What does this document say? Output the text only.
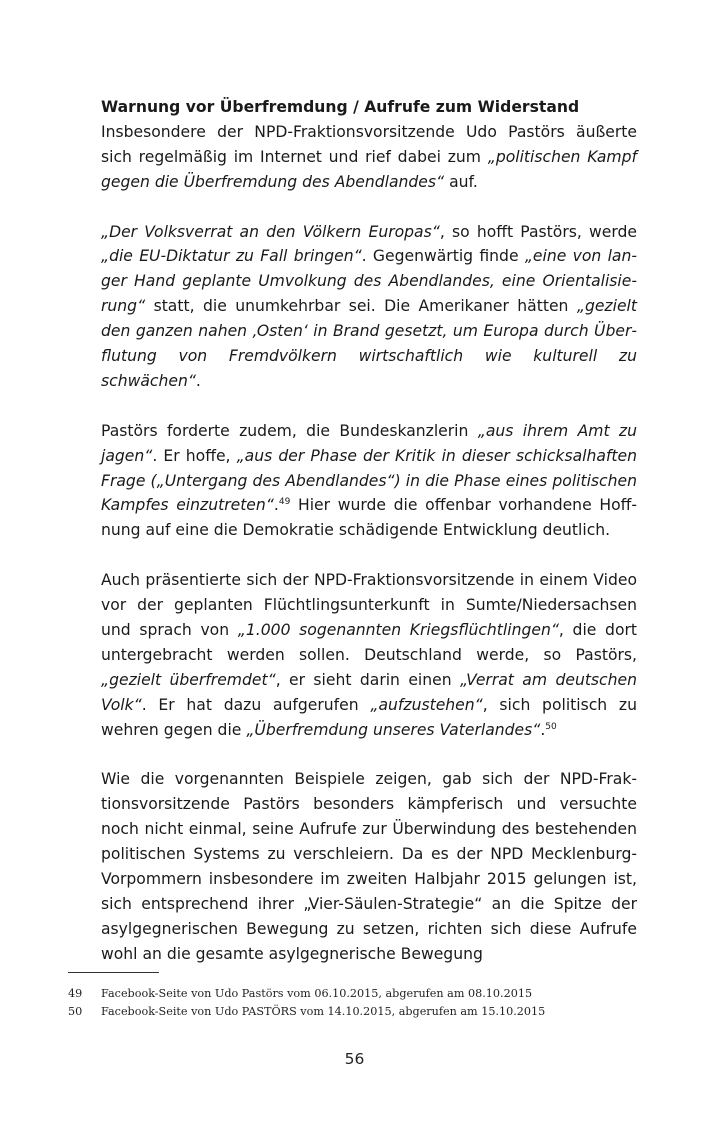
Warnung vor Überfremdung / Aufrufe zum Widerstand

Insbesondere der NPD-Fraktionsvorsitzende Udo Pastörs äußerte sich regelmäßig im Internet und rief dabei zum „politischen Kampf gegen die Überfremdung des Abendlandes“ auf.

„Der Volksverrat an den Völkern Europas“, so hofft Pastörs, werde „die EU-Diktatur zu Fall bringen“. Gegenwärtig finde „eine von langer Hand geplante Umvolkung des Abendlandes, eine Orientalisierung“ statt, die unumkehrbar sei. Die Amerikaner hätten „gezielt den ganzen nahen ‚Osten‘ in Brand gesetzt, um Europa durch Überflutung von Fremdvölkern wirtschaftlich wie kulturell zu schwächen“.

Pastörs forderte zudem, die Bundeskanzlerin „aus ihrem Amt zu jagen“. Er hoffe, „aus der Phase der Kritik in dieser schicksalhaften Frage („Untergang des Abendlandes“) in die Phase eines politischen Kampfes einzutreten“.$^{49}$ Hier wurde die offenbar vorhandene Hoffnung auf eine die Demokratie schädigende Entwicklung deutlich.

Auch präsentierte sich der NPD-Fraktionsvorsitzende in einem Video vor der geplanten Flüchtlingsunterkunft in Sumte/Niedersachsen und sprach von „1.000 sogenannten Kriegsflüchtlingen“, die dort untergebracht werden sollen. Deutschland werde, so Pastörs, „gezielt überfremdet“, er sieht darin einen „Verrat am deutschen Volk“. Er hat dazu aufgerufen „aufzustehen“, sich politisch zu wehren gegen die „Überfremdung unseres Vaterlandes“.$^{50}$

Wie die vorgenannten Beispiele zeigen, gab sich der NPD-Fraktionsvorsitzende Pastörs besonders kämpferisch und versuchte noch nicht einmal, seine Aufrufe zur Überwindung des bestehenden politischen Systems zu verschleiern. Da es der NPD Mecklenburg-Vorpommern insbesondere im zweiten Halbjahr 2015 gelungen ist, sich entsprechend ihrer „Vier-Säulen-Strategie“ an die Spitze der asylgegnerischen Bewegung zu setzen, richten sich diese Aufrufe wohl an die gesamte asylgegnerische Bewegung

49	Facebook-Seite von Udo Pastörs vom 06.10.2015, abgerufen am 08.10.2015
50	Facebook-Seite von Udo PASTÖRS vom 14.10.2015, abgerufen am 15.10.2015
56
